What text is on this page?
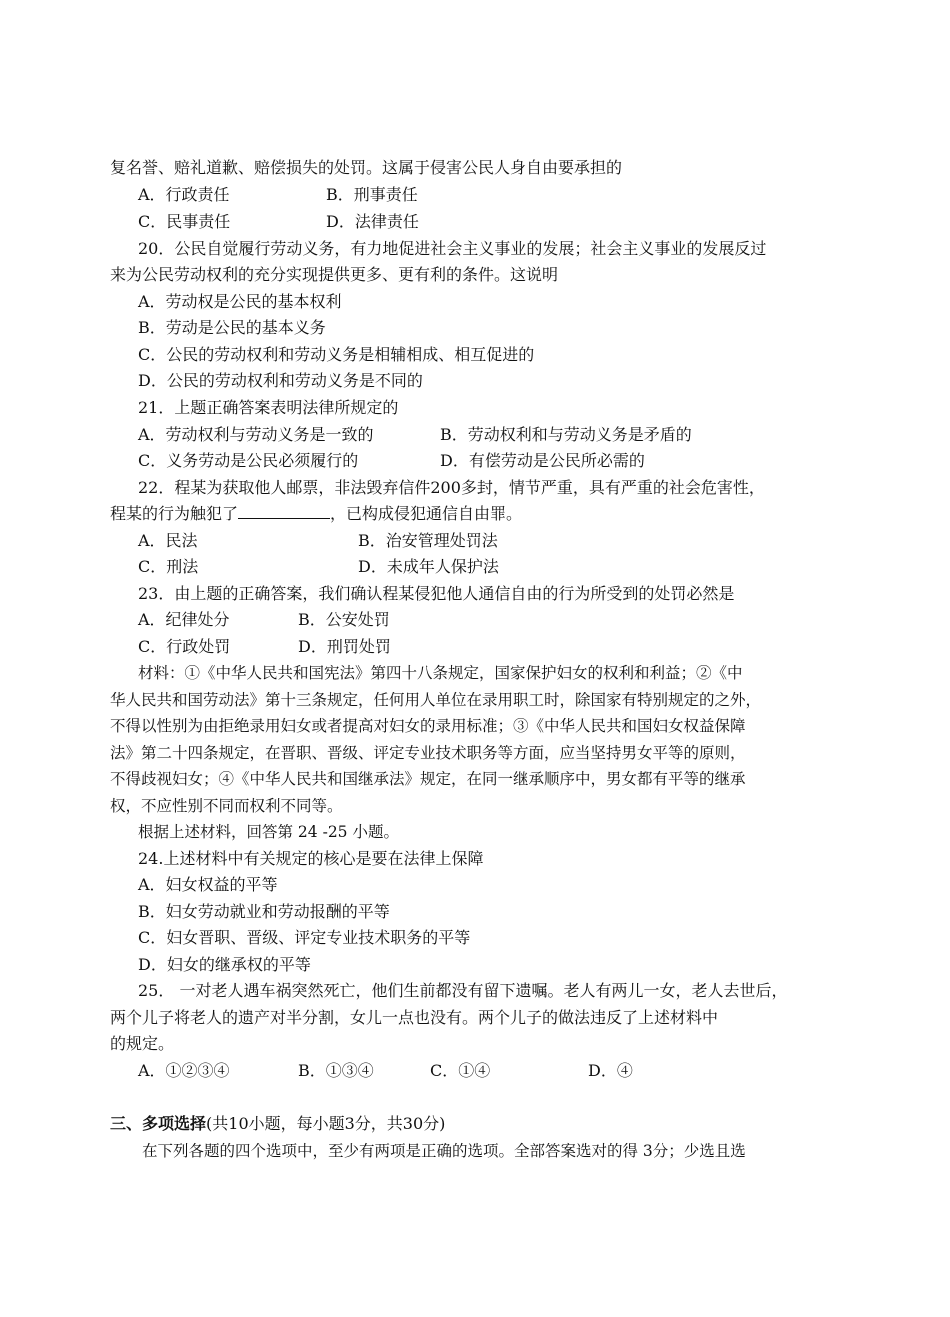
复名誉、赔礼道歉、赔偿损失的处罚。这属于侵害公民人身自由要承担的
A．行政责任	B．刑事责任
C．民事责任	D．法律责任
20．公民自觉履行劳动义务，有力地促进社会主义事业的发展；社会主义事业的发展反过
来为公民劳动权利的充分实现提供更多、更有利的条件。这说明
A．劳动权是公民的基本权利
B．劳动是公民的基本义务
C．公民的劳动权利和劳动义务是相辅相成、相互促进的
D．公民的劳动权利和劳动义务是不同的
21．上题正确答案表明法律所规定的
A．劳动权利与劳动义务是一致的	B．劳动权利和与劳动义务是矛盾的
C．义务劳动是公民必须履行的	D．有偿劳动是公民所必需的
22．程某为获取他人邮票，非法毁弃信件200多封，情节严重，具有严重的社会危害性，
程某的行为触犯了	，已构成侵犯通信自由罪。
A．民法	B．治安管理处罚法
C．刑法	D．未成年人保护法
23．由上题的正确答案，我们确认程某侵犯他人通信自由的行为所受到的处罚必然是
A．纪律处分	B．公安处罚
C．行政处罚	D．刑罚处罚
材料：①《中华人民共和国宪法》第四十八条规定，国家保护妇女的权利和利益；②《中
华人民共和国劳动法》第十三条规定，任何用人单位在录用职工时，除国家有特别规定的之外，
不得以性别为由拒绝录用妇女或者提高对妇女的录用标准；③《中华人民共和国妇女权益保障
法》第二十四条规定，在晋职、晋级、评定专业技术职务等方面，应当坚持男女平等的原则，
不得歧视妇女；④《中华人民共和国继承法》规定，在同一继承顺序中，男女都有平等的继承
权，不应性别不同而权利不同等。
根据上述材料，回答第 24 -25 小题。
24.上述材料中有关规定的核心是要在法律上保障
A．妇女权益的平等
B．妇女劳动就业和劳动报酬的平等
C．妇女晋职、晋级、评定专业技术职务的平等
D．妇女的继承权的平等
25． 一对老人遇车祸突然死亡，他们生前都没有留下遗嘱。老人有两儿一女，老人去世后，
两个儿子将老人的遗产对半分割，女儿一点也没有。两个儿子的做法违反了上述材料中
的规定。
A．①②③④	B．①③④	C．①④	D．④
三、多项选择(共10小题，每小题3分，共30分)
在下列各题的四个选项中，至少有两项是正确的选项。全部答案选对的得 3分；少选且选
